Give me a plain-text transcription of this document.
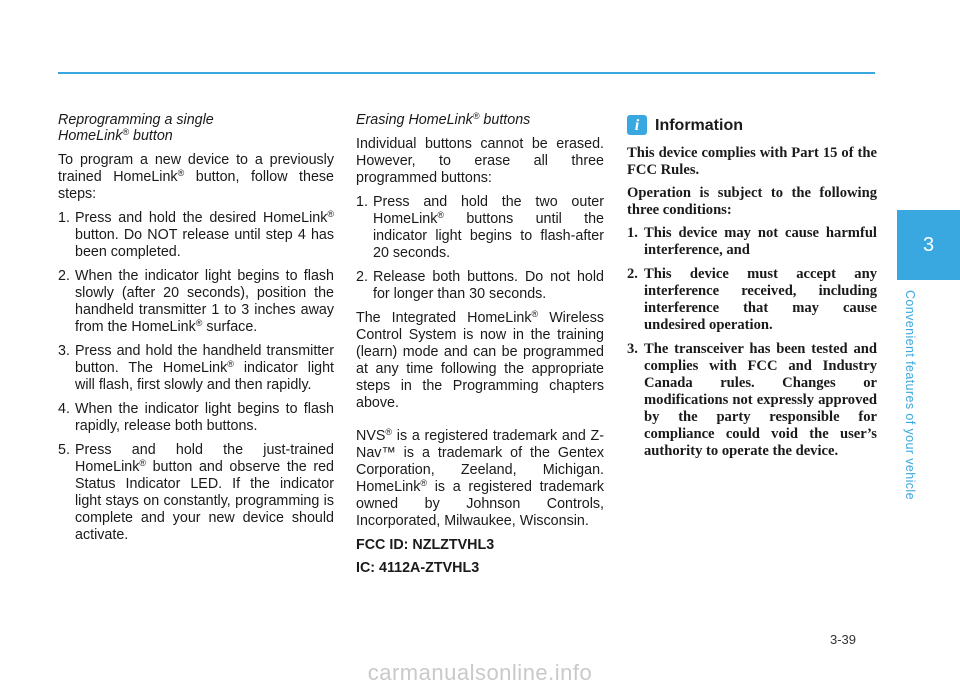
Reprogramming a single
HomeLink® button

To program a new device to a previously trained HomeLink® button, follow these steps:

1. Press and hold the desired HomeLink® button. Do NOT release until step 4 has been completed.
2. When the indicator light begins to flash slowly (after 20 seconds), position the handheld transmitter 1 to 3 inches away from the HomeLink® surface.
3. Press and hold the handheld transmitter button. The HomeLink® indicator light will flash, first slowly and then rapidly.
4. When the indicator light begins to flash rapidly, release both buttons.
5. Press and hold the just-trained HomeLink® button and observe the red Status Indicator LED. If the indicator light stays on constantly, programming is complete and your new device should activate.
Erasing HomeLink® buttons

Individual buttons cannot be erased. However, to erase all three programmed buttons:

1. Press and hold the two outer HomeLink® buttons until the indicator light begins to flash-after 20 seconds.
2. Release both buttons. Do not hold for longer than 30 seconds.

The Integrated HomeLink® Wireless Control System is now in the training (learn) mode and can be programmed at any time following the appropriate steps in the Programming chapters above.

NVS® is a registered trademark and Z-Nav™ is a trademark of the Gentex Corporation, Zeeland, Michigan. HomeLink® is a registered trademark owned by Johnson Controls, Incorporated, Milwaukee, Wisconsin.

FCC ID: NZLZTVHL3
IC: 4112A-ZTVHL3
i Information

This device complies with Part 15 of the FCC Rules.

Operation is subject to the following three conditions:

1. This device may not cause harmful interference, and
2. This device must accept any interference received, including interference that may cause undesired operation.
3. The transceiver has been tested and complies with FCC and Industry Canada rules. Changes or modifications not expressly approved by the party responsible for compliance could void the user’s authority to operate the device.
3
Convenient features of your vehicle
3-39
carmanualsonline.info
